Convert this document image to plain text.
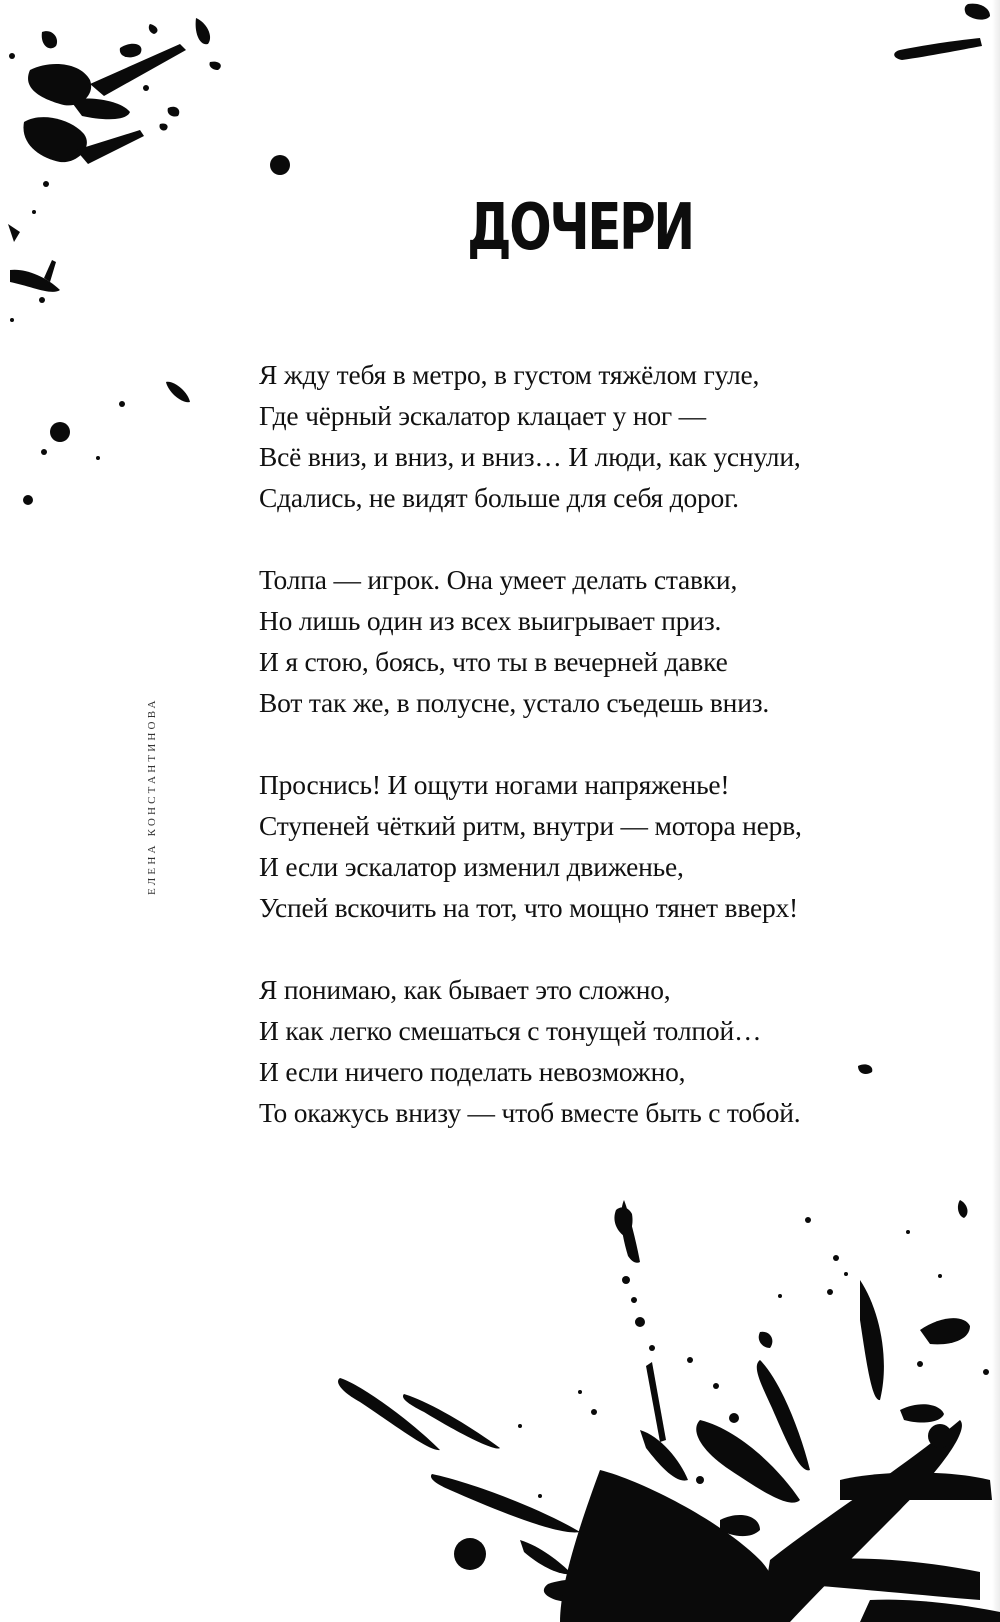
ДОЧЕРИ
ЕЛЕНА КОНСТАНТИНОВА
Я жду тебя в метро, в густом тяжёлом гуле,
Где чёрный эскалатор клацает у ног —
Всё вниз, и вниз, и вниз… И люди, как уснули,
Сдались, не видят больше для себя дорог.
Толпа — игрок. Она умеет делать ставки,
Но лишь один из всех выигрывает приз.
И я стою, боясь, что ты в вечерней давке
Вот так же, в полусне, устало съедешь вниз.
Проснись! И ощути ногами напряженье!
Ступеней чёткий ритм, внутри — мотора нерв,
И если эскалатор изменил движенье,
Успей вскочить на тот, что мощно тянет вверх!
Я понимаю, как бывает это сложно,
И как легко смешаться с тонущей толпой…
И если ничего поделать невозможно,
То окажусь внизу — чтоб вместе быть с тобой.
